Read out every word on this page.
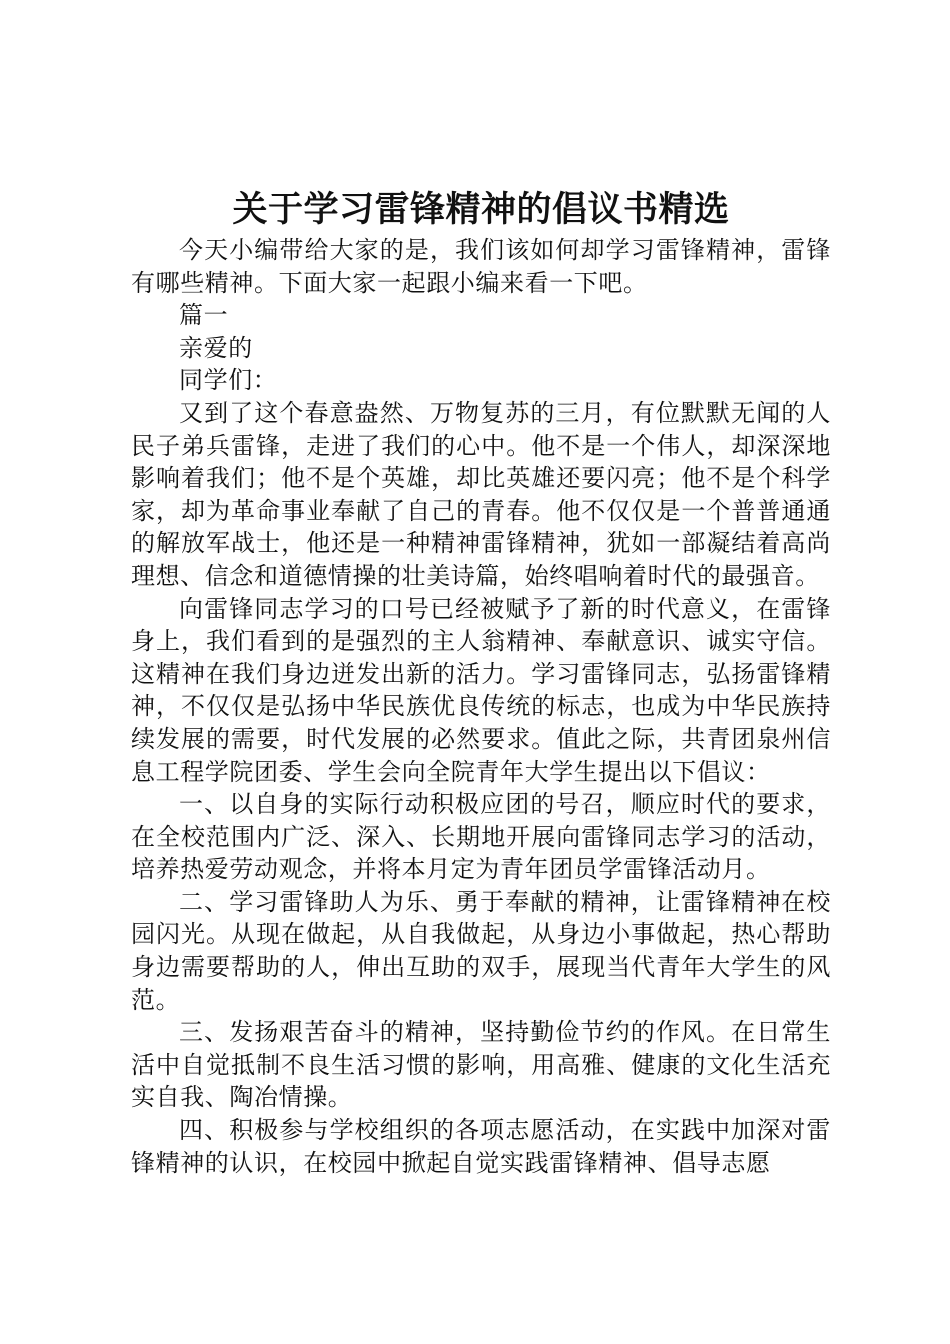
关于学习雷锋精神的倡议书精选

今天小编带给大家的是，我们该如何却学习雷锋精神，雷锋有哪些精神。下面大家一起跟小编来看一下吧。

篇一

亲爱的

同学们：

又到了这个春意盎然、万物复苏的三月，有位默默无闻的人民子弟兵雷锋，走进了我们的心中。他不是一个伟人，却深深地影响着我们；他不是个英雄，却比英雄还要闪亮；他不是个科学家，却为革命事业奉献了自己的青春。他不仅仅是一个普普通通的解放军战士，他还是一种精神雷锋精神，犹如一部凝结着高尚理想、信念和道德情操的壮美诗篇，始终唱响着时代的最强音。

向雷锋同志学习的口号已经被赋予了新的时代意义，在雷锋身上，我们看到的是强烈的主人翁精神、奉献意识、诚实守信。这精神在我们身边迸发出新的活力。学习雷锋同志，弘扬雷锋精神，不仅仅是弘扬中华民族优良传统的标志，也成为中华民族持续发展的需要，时代发展的必然要求。值此之际，共青团泉州信息工程学院团委、学生会向全院青年大学生提出以下倡议：

一、以自身的实际行动积极应团的号召，顺应时代的要求，在全校范围内广泛、深入、长期地开展向雷锋同志学习的活动，培养热爱劳动观念，并将本月定为青年团员学雷锋活动月。

二、学习雷锋助人为乐、勇于奉献的精神，让雷锋精神在校园闪光。从现在做起，从自我做起，从身边小事做起，热心帮助身边需要帮助的人，伸出互助的双手，展现当代青年大学生的风范。

三、发扬艰苦奋斗的精神，坚持勤俭节约的作风。在日常生活中自觉抵制不良生活习惯的影响，用高雅、健康的文化生活充实自我、陶冶情操。

四、积极参与学校组织的各项志愿活动，在实践中加深对雷锋精神的认识，在校园中掀起自觉实践雷锋精神、倡导志愿
